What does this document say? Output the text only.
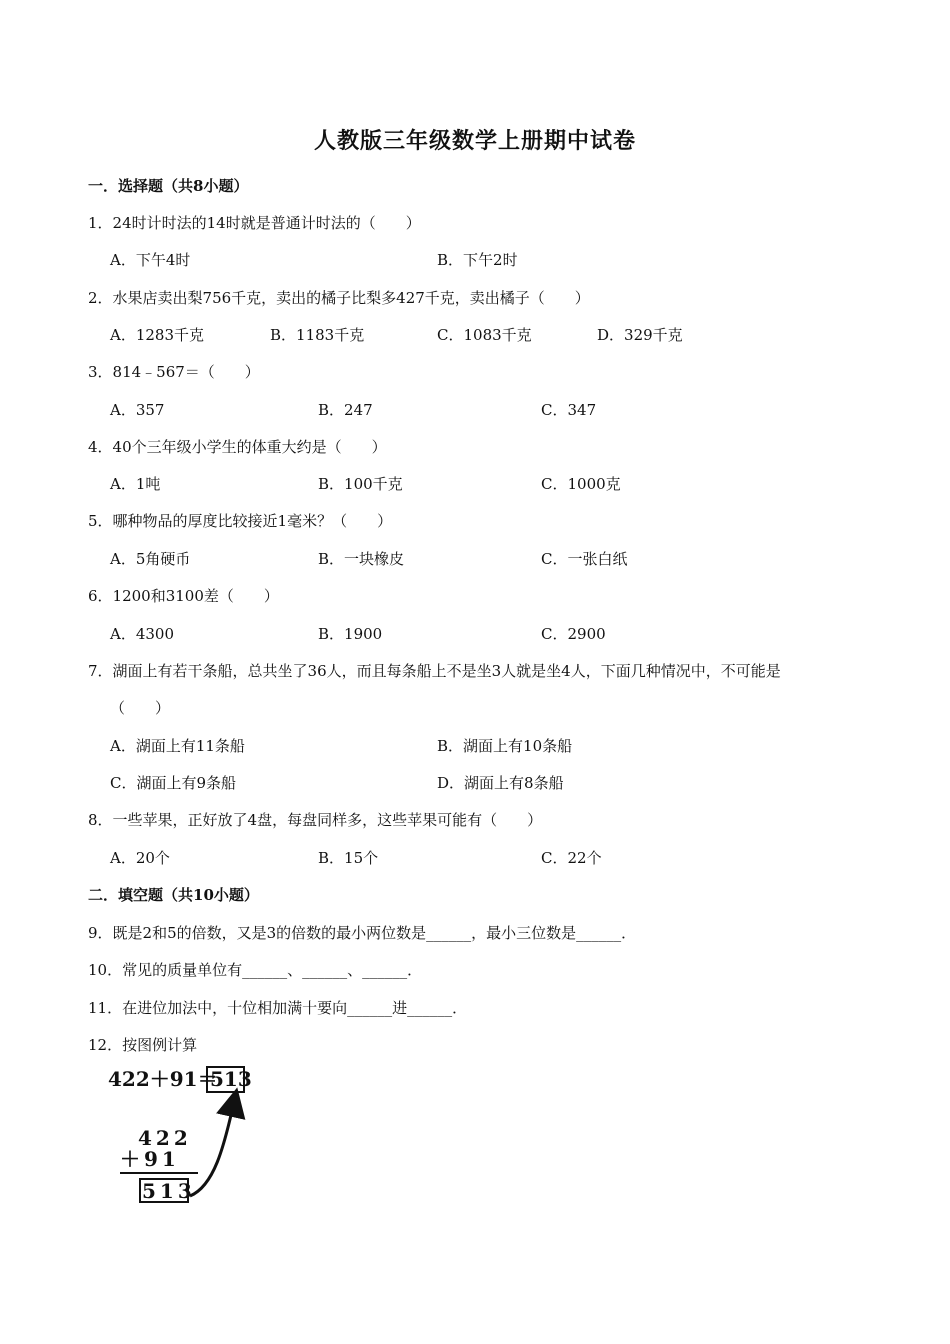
人教版三年级数学上册期中试卷
一．选择题（共8小题）
1．24时计时法的14时就是普通计时法的（　　）
A．下午4时	B．下午2时
2．水果店卖出梨756千克，卖出的橘子比梨多427千克，卖出橘子（　　）
A．1283千克	B．1183千克	C．1083千克	D．329千克
3．814﹣567＝（　　）
A．357	B．247	C．347
4．40个三年级小学生的体重大约是（　　）
A．1吨	B．100千克	C．1000克
5．哪种物品的厚度比较接近1毫米？（　　）
A．5角硬币	B．一块橡皮	C．一张白纸
6．1200和3100差（　　）
A．4300	B．1900	C．2900
7．湖面上有若干条船，总共坐了36人，而且每条船上不是坐3人就是坐4人，下面几种情况中，不可能是
（　　）
A．湖面上有11条船	B．湖面上有10条船
C．湖面上有9条船	D．湖面上有8条船
8．一些苹果，正好放了4盘，每盘同样多，这些苹果可能有（　　）
A．20个	B．15个	C．22个
二．填空题（共10小题）
9．既是2和5的倍数，又是3的倍数的最小两位数是______，最小三位数是______．
10．常见的质量单位有______、______、______．
11．在进位加法中，十位相加满十要向______进______．
12．按图例计算
422＋91＝
513
422
＋91
513
